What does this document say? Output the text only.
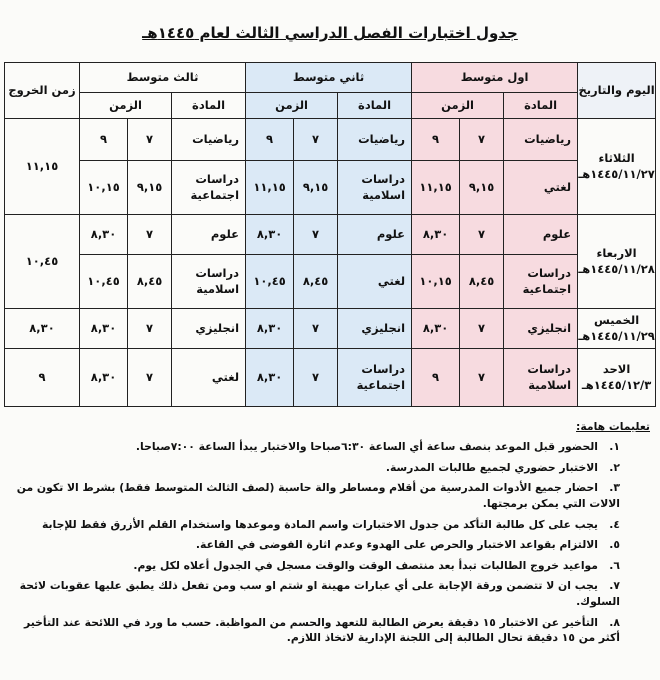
جدول اختبارات الفصل الدراسي الثالث لعام ١٤٤٥هـ
اليوم والتاريخ	اول متوسط			ثاني متوسط			ثالث متوسط			زمن الخروج
	المادة	الزمن		المادة	الزمن		المادة	الزمن		

الثلاثاء
١٤٤٥/١١/٢٧هـ	رياضيات	٧	٩	رياضيات	٧	٩	رياضيات	٧	٩	١١,١٥
	لغتي	٩,١٥	١١,١٥	دراسات اسلامية	٩,١٥	١١,١٥	دراسات اجتماعية	٩,١٥	١٠,١٥	

الاربعاء
١٤٤٥/١١/٢٨هـ	علوم	٧	٨,٣٠	علوم	٧	٨,٣٠	علوم	٧	٨,٣٠	١٠,٤٥
	دراسات اجتماعية	٨,٤٥	١٠,١٥	لغتي	٨,٤٥	١٠,٤٥	دراسات اسلامية	٨,٤٥	١٠,٤٥	

الخميس
١٤٤٥/١١/٢٩هـ	انجليزي	٧	٨,٣٠	انجليزي	٧	٨,٣٠	انجليزي	٧	٨,٣٠	٨,٣٠

الاحد
١٤٤٥/١٢/٣هـ	دراسات اسلامية	٧	٩	دراسات اجتماعية	٧	٨,٣٠	لغتي	٧	٨,٣٠	٩
تعليمات هامة:
١.الحضور قبل الموعد بنصف ساعة أي الساعة ٦:٣٠صباحا والاختبار يبدأ الساعة ٧:٠٠صباحا.
٢.الاختبار حضوري لجميع طالبات المدرسة.
٣.احضار جميع الأدوات المدرسية من أقلام ومساطر والة حاسبة (لصف الثالث المتوسط فقط) بشرط الا تكون من الالات التي يمكن برمجتها.
٤.يجب على كل طالبة التأكد من جدول الاختبارات واسم المادة وموعدها واستخدام القلم الأزرق فقط للإجابة
٥.الالتزام بقواعد الاختبار والحرص على الهدوء وعدم اثارة الفوضى في القاعة.
٦.مواعيد خروج الطالبات تبدأ بعد منتصف الوقت والوقت مسجل في الجدول أعلاه لكل يوم.
٧.يجب ان لا تتضمن ورقة الإجابة على أي عبارات مهينة او شتم او سب ومن تفعل ذلك يطبق عليها عقوبات لائحة السلوك.
٨.التأخير عن الاختبار ١٥ دقيقة يعرض الطالبة للتعهد والحسم من المواظبة. حسب ما ورد في اللائحة عند التأخير أكثر من ١٥ دقيقة تحال الطالبة إلى اللجنة الإدارية لاتخاذ اللازم.
